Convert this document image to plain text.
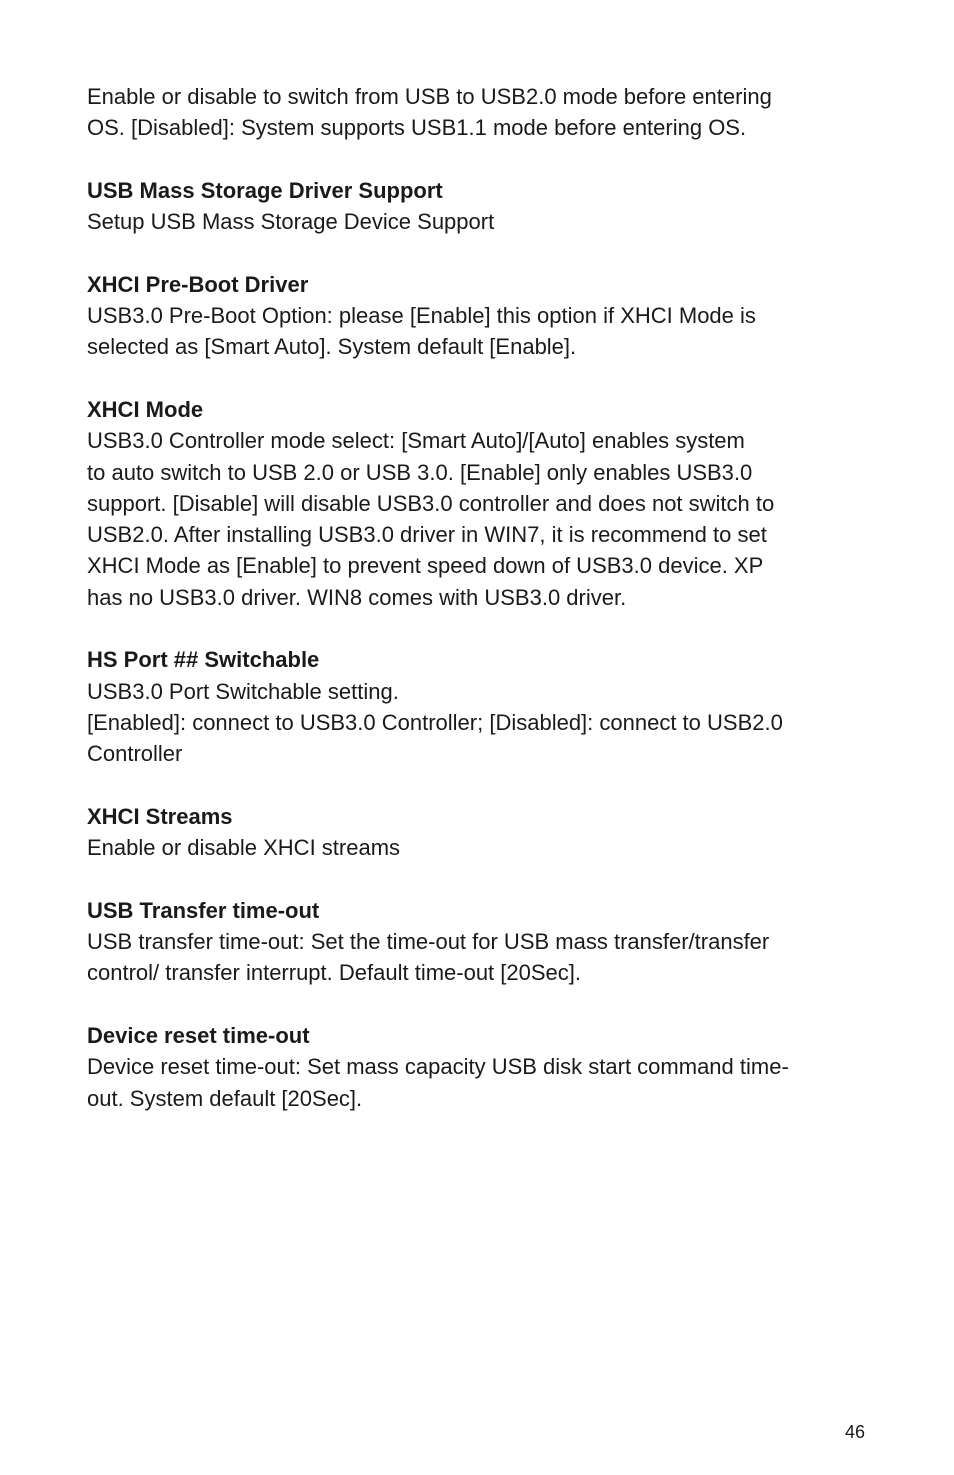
Enable or disable to switch from USB to USB2.0 mode before entering
OS. [Disabled]: System supports USB1.1 mode before entering OS.
USB Mass Storage Driver Support
Setup USB Mass Storage Device Support
XHCI Pre-Boot Driver
USB3.0 Pre-Boot Option: please [Enable] this option if XHCI Mode is
selected as [Smart Auto]. System default [Enable].
XHCI Mode
USB3.0 Controller mode select: [Smart Auto]/[Auto] enables system
to auto switch to USB 2.0 or USB 3.0. [Enable] only enables USB3.0
support. [Disable] will disable USB3.0 controller and does not switch to
USB2.0. After installing USB3.0 driver in WIN7, it is recommend to set
XHCI Mode as [Enable] to prevent speed down of USB3.0 device. XP
has no USB3.0 driver. WIN8 comes with USB3.0 driver.
HS Port ## Switchable
USB3.0 Port Switchable setting.
[Enabled]: connect to USB3.0 Controller; [Disabled]: connect to USB2.0
Controller
XHCI Streams
Enable or disable XHCI streams
USB Transfer time-out
USB transfer time-out: Set the time-out for USB mass transfer/transfer
control/ transfer interrupt. Default time-out [20Sec].
Device reset time-out
Device reset time-out: Set mass capacity USB disk start command time-
out. System default [20Sec].
46
